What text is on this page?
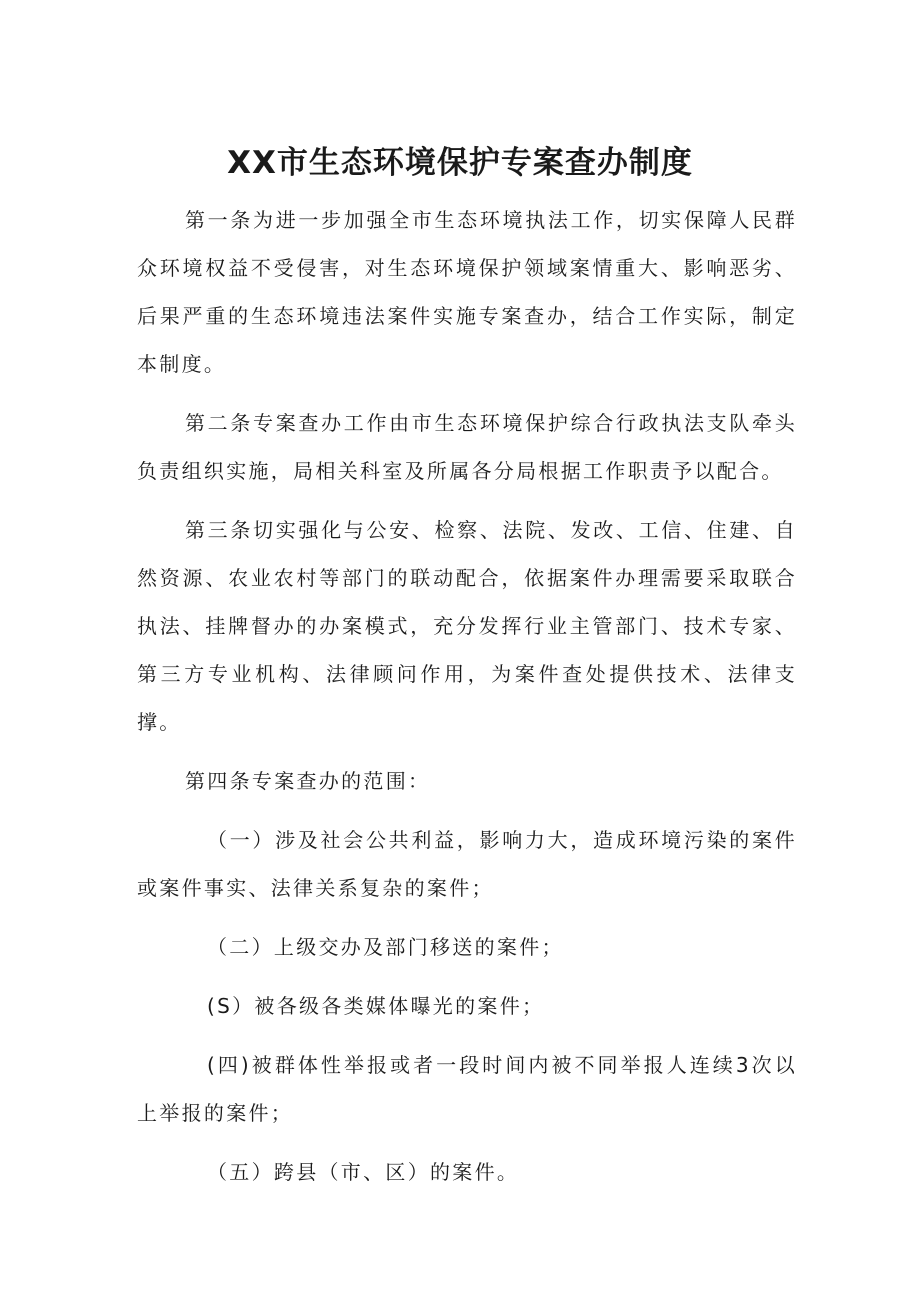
XX市生态环境保护专案查办制度

第一条为进一步加强全市生态环境执法工作，切实保障人民群众环境权益不受侵害，对生态环境保护领域案情重大、影响恶劣、后果严重的生态环境违法案件实施专案查办，结合工作实际，制定本制度。

第二条专案查办工作由市生态环境保护综合行政执法支队牵头负责组织实施，局相关科室及所属各分局根据工作职责予以配合。

第三条切实强化与公安、检察、法院、发改、工信、住建、自然资源、农业农村等部门的联动配合，依据案件办理需要采取联合执法、挂牌督办的办案模式，充分发挥行业主管部门、技术专家、第三方专业机构、法律顾问作用，为案件查处提供技术、法律支撑。

第四条专案查办的范围：

（一）涉及社会公共利益，影响力大，造成环境污染的案件或案件事实、法律关系复杂的案件；

（二）上级交办及部门移送的案件；

(S）被各级各类媒体曝光的案件；

(四)被群体性举报或者一段时间内被不同举报人连续3次以上举报的案件；

（五）跨县（市、区）的案件。
